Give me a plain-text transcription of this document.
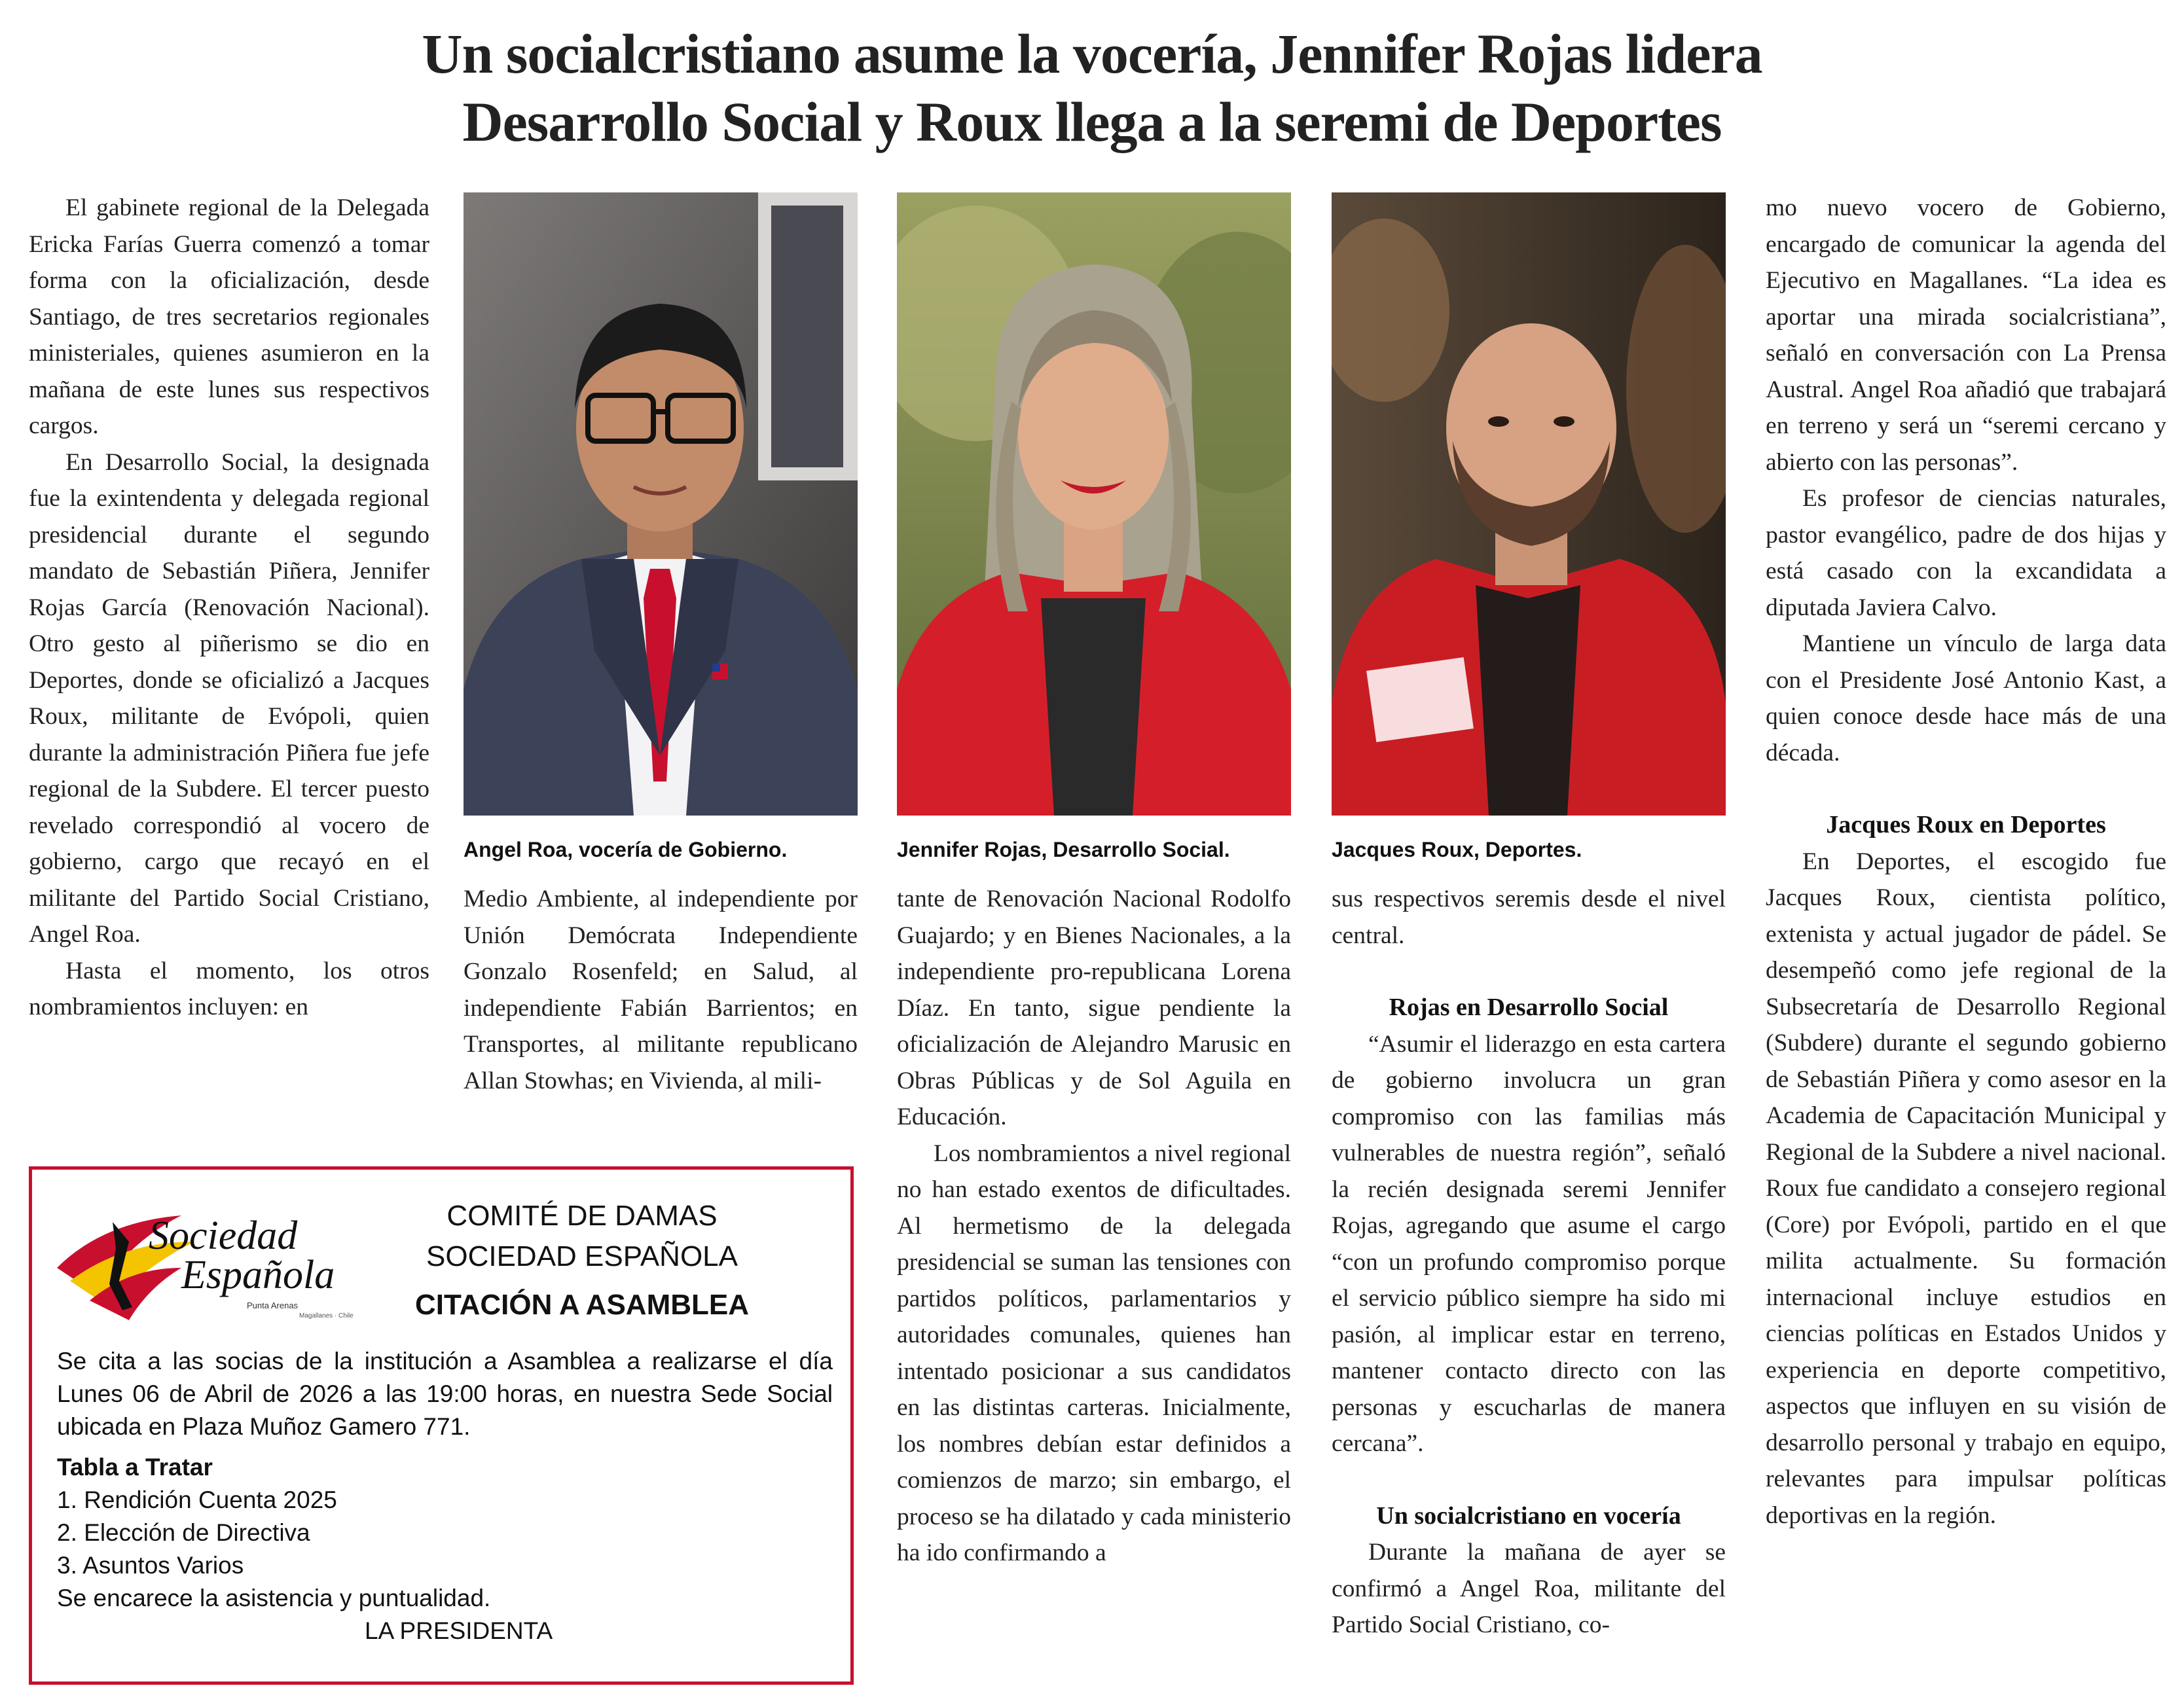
Un socialcristiano asume la vocería, Jennifer Rojas lidera
Desarrollo Social y Roux llega a la seremi de Deportes

El gabinete regional de la Delegada Ericka Farías Guerra comenzó a tomar forma con la oficialización, desde Santiago, de tres secretarios regionales ministeriales, quienes asumieron en la mañana de este lunes sus respectivos cargos.

En Desarrollo Social, la designada fue la exintendenta y delegada regional presidencial durante el segundo mandato de Sebastián Piñera, Jennifer Rojas García (Renovación Nacional). Otro gesto al piñerismo se dio en Deportes, donde se oficializó a Jacques Roux, militante de Evópoli, quien durante la administración Piñera fue jefe regional de la Subdere. El tercer puesto revelado correspondió al vocero de gobierno, cargo que recayó en el militante del Partido Social Cristiano, Angel Roa.

Hasta el momento, los otros nombramientos incluyen: en

Angel Roa, vocería de Gobierno.

Medio Ambiente, al independiente por Unión Demócrata Independiente Gonzalo Rosenfeld; en Salud, al independiente Fabián Barrientos; en Transportes, al militante republicano Allan Stowhas; en Vivienda, al mili-

Jennifer Rojas, Desarrollo Social.

tante de Renovación Nacional Rodolfo Guajardo; y en Bienes Nacionales, a la independiente pro-republicana Lorena Díaz. En tanto, sigue pendiente la oficialización de Alejandro Marusic en Obras Públicas y de Sol Aguila en Educación.

Los nombramientos a nivel regional no han estado exentos de dificultades. Al hermetismo de la delegada presidencial se suman las tensiones con partidos políticos, parlamentarios y autoridades comunales, quienes han intentado posicionar a sus candidatos en las distintas carteras. Inicialmente, los nombres debían estar definidos a comienzos de marzo; sin embargo, el proceso se ha dilatado y cada ministerio ha ido confirmando a

Jacques Roux, Deportes.

sus respectivos seremis desde el nivel central.

Rojas en Desarrollo Social

“Asumir el liderazgo en esta cartera de gobierno involucra un gran compromiso con las familias más vulnerables de nuestra región”, señaló la recién designada seremi Jennifer Rojas, agregando que asume el cargo “con un profundo compromiso porque el servicio público siempre ha sido mi pasión, al implicar estar en terreno, mantener contacto directo con las personas y escucharlas de manera cercana”.

Un socialcristiano en vocería

Durante la mañana de ayer se confirmó a Angel Roa, militante del Partido Social Cristiano, co-

mo nuevo vocero de Gobierno, encargado de comunicar la agenda del Ejecutivo en Magallanes. “La idea es aportar una mirada socialcristiana”, señaló en conversación con La Prensa Austral. Angel Roa añadió que trabajará en terreno y será un “seremi cercano y abierto con las personas”.

Es profesor de ciencias naturales, pastor evangélico, padre de dos hijas y está casado con la excandidata a diputada Javiera Calvo.

Mantiene un vínculo de larga data con el Presidente José Antonio Kast, a quien conoce desde hace más de una década.

Jacques Roux en Deportes

En Deportes, el escogido fue Jacques Roux, cientista político, extenista y actual jugador de pádel. Se desempeñó como jefe regional de la Subsecretaría de Desarrollo Regional (Subdere) durante el segundo gobierno de Sebastián Piñera y como asesor en la Academia de Capacitación Municipal y Regional de la Subdere a nivel nacional. Roux fue candidato a consejero regional (Core) por Evópoli, partido en el que milita actualmente. Su formación internacional incluye estudios en ciencias políticas en Estados Unidos y experiencia en deporte competitivo, aspectos que influyen en su visión de desarrollo personal y trabajo en equipo, relevantes para impulsar políticas deportivas en la región.

Sociedad
Española
Punta Arenas
Magallanes · Chile
COMITÉ DE DAMAS
SOCIEDAD ESPAÑOLA
CITACIÓN A ASAMBLEA
Se cita a las socias de la institución a Asamblea a realizarse el día Lunes 06 de Abril de 2026 a las 19:00 horas, en nuestra Sede Social ubicada en Plaza Muñoz Gamero 771.
Tabla a Tratar
1. Rendición Cuenta 2025
2. Elección de Directiva
3. Asuntos Varios
Se encarece la asistencia y puntualidad.
LA PRESIDENTA
